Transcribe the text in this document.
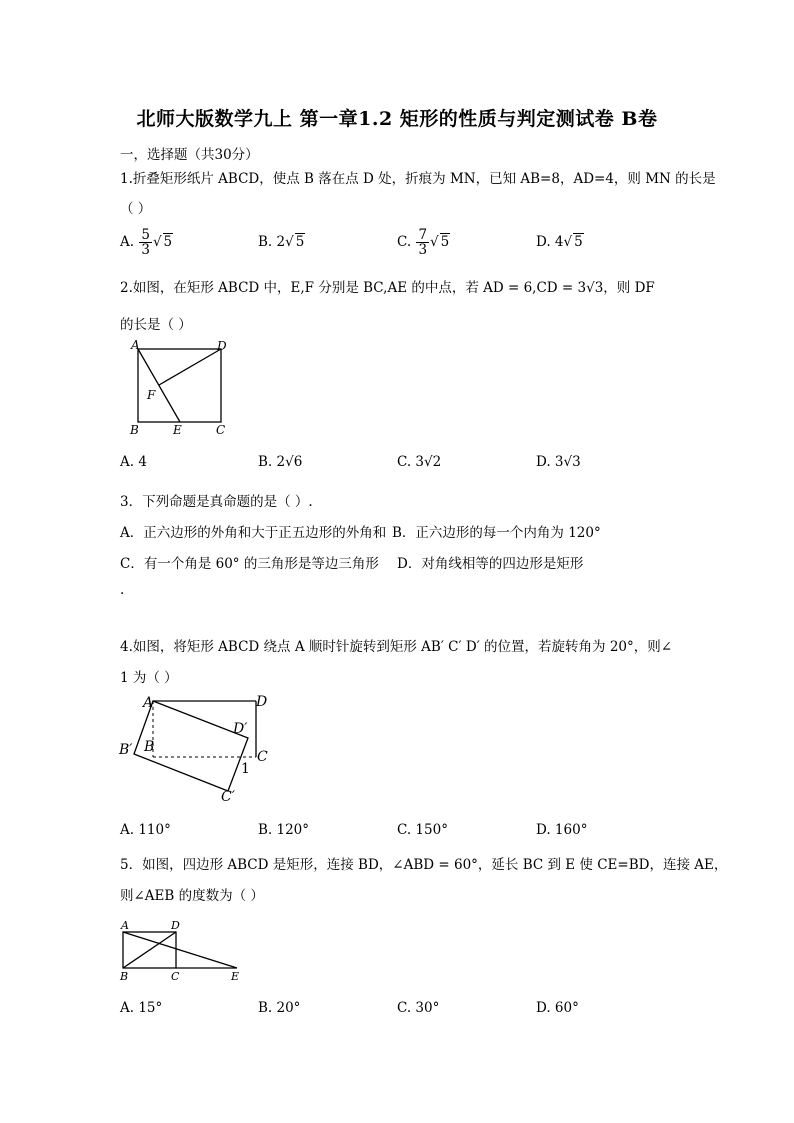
北师大版数学九上 第一章1.2 矩形的性质与判定测试卷 B卷
一，选择题（共30分）
1.折叠矩形纸片 ABCD，使点 B 落在点 D 处，折痕为 MN，已知 AB=8，AD=4，则 MN 的长是
（ ）
A. $\frac{5}{3}$ √ 5	B. 2√ 5	C. $\frac{7}{3}$ √ 5	D. 4√ 5
2.如图，在矩形 ABCD 中，E,F 分别是 BC,AE 的中点，若 AD = 6,CD = 3√3，则 DF
的长是（ ）
A	D
F
B	E	C
A. 4	B. 2√6	C. 3√2	D. 3√3
3．下列命题是真命题的是（ ）.
A．正六边形的外角和大于正五边形的外角和 B．正六边形的每一个内角为 120°
C．有一个角是 60° 的三角形是等边三角形 D．对角线相等的四边形是矩形
.
4.如图，将矩形 ABCD 绕点 A 顺时针旋转到矩形 AB′ C′ D′ 的位置，若旋转角为 20°，则∠
1 为（ ）
A	D
D′
B′ B
C
1
C′
A. 110°	B. 120°	C. 150°	D. 160°
5．如图，四边形 ABCD 是矩形，连接 BD，∠ABD = 60°，延长 BC 到 E 使 CE=BD，连接 AE，
则∠AEB 的度数为（ ）
A	D
B	C	E
A. 15°	B. 20°	C. 30°	D. 60°
